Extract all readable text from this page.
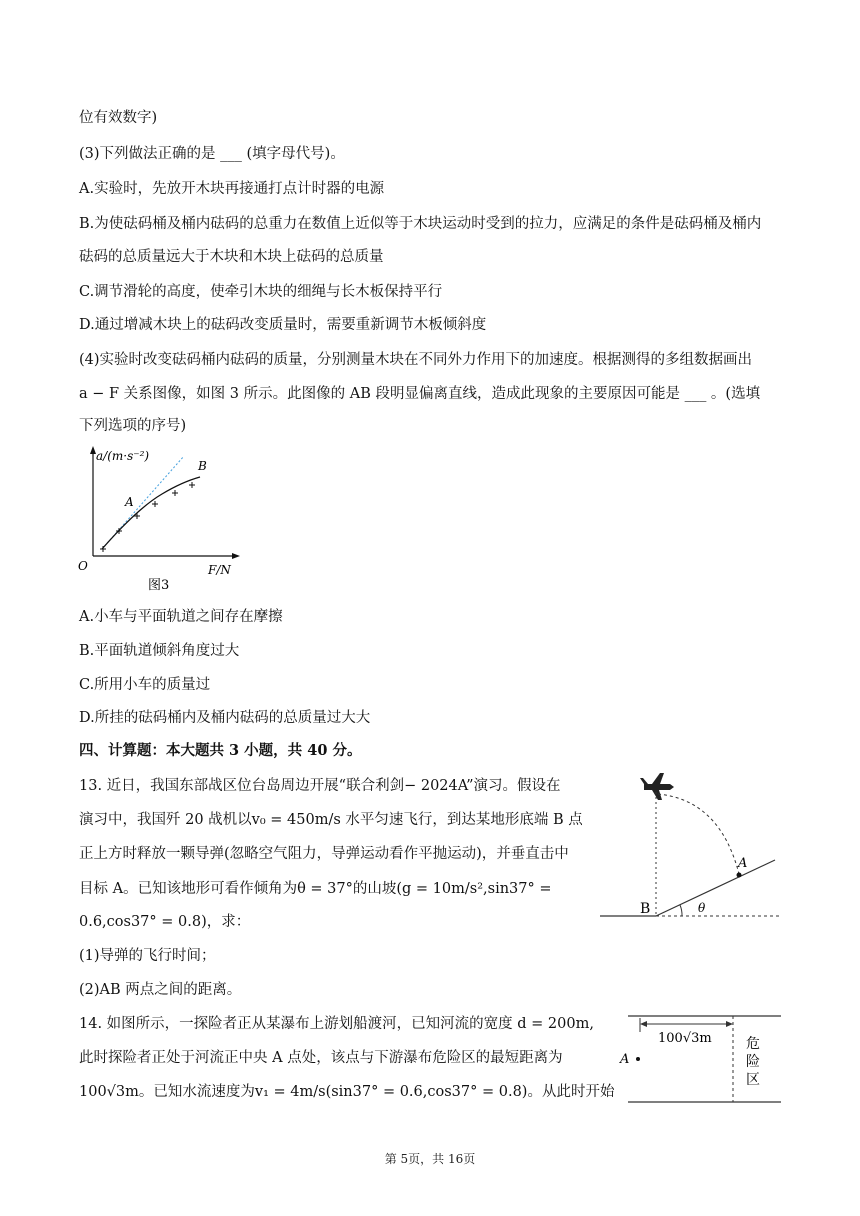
位有效数字)
(3)下列做法正确的是 ___ (填字母代号)。
A.实验时，先放开木块再接通打点计时器的电源
B.为使砝码桶及桶内砝码的总重力在数值上近似等于木块运动时受到的拉力，应满足的条件是砝码桶及桶内
砝码的总质量远大于木块和木块上砝码的总质量
C.调节滑轮的高度，使牵引木块的细绳与长木板保持平行
D.通过增减木块上的砝码改变质量时，需要重新调节木板倾斜度
(4)实验时改变砝码桶内砝码的质量，分别测量木块在不同外力作用下的加速度。根据测得的多组数据画出
a − F 关系图像，如图 3 所示。此图像的 AB 段明显偏离直线，造成此现象的主要原因可能是 ___ 。(选填
下列选项的序号)
a/(m·s⁻²)
F/N
O
A
B
图3
A.小车与平面轨道之间存在摩擦
B.平面轨道倾斜角度过大
C.所用小车的质量过
D.所挂的砝码桶内及桶内砝码的总质量过大大
四、计算题：本大题共 3 小题，共 40 分。
13. 近日，我国东部战区位台岛周边开展“联合利剑− 2024A”演习。假设在
演习中，我国歼 20 战机以v₀ = 450m/s 水平匀速飞行，到达某地形底端 B 点
正上方时释放一颗导弹(忽略空气阻力，导弹运动看作平抛运动)，并垂直击中
目标 A。已知该地形可看作倾角为θ = 37°的山坡(g = 10m/s²,sin37° =
0.6,cos37° = 0.8)，求：
(1)导弹的飞行时间；
(2)AB 两点之间的距离。
A
B	θ
14. 如图所示，一探险者正从某瀑布上游划船渡河，已知河流的宽度 d = 200m,
此时探险者正处于河流正中央 A 点处，该点与下游瀑布危险区的最短距离为
100√3m。已知水流速度为v₁ = 4m/s(sin37° = 0.6,cos37° = 0.8)。从此时开始
100√3m
A
危
险
区
第 5页，共 16页
